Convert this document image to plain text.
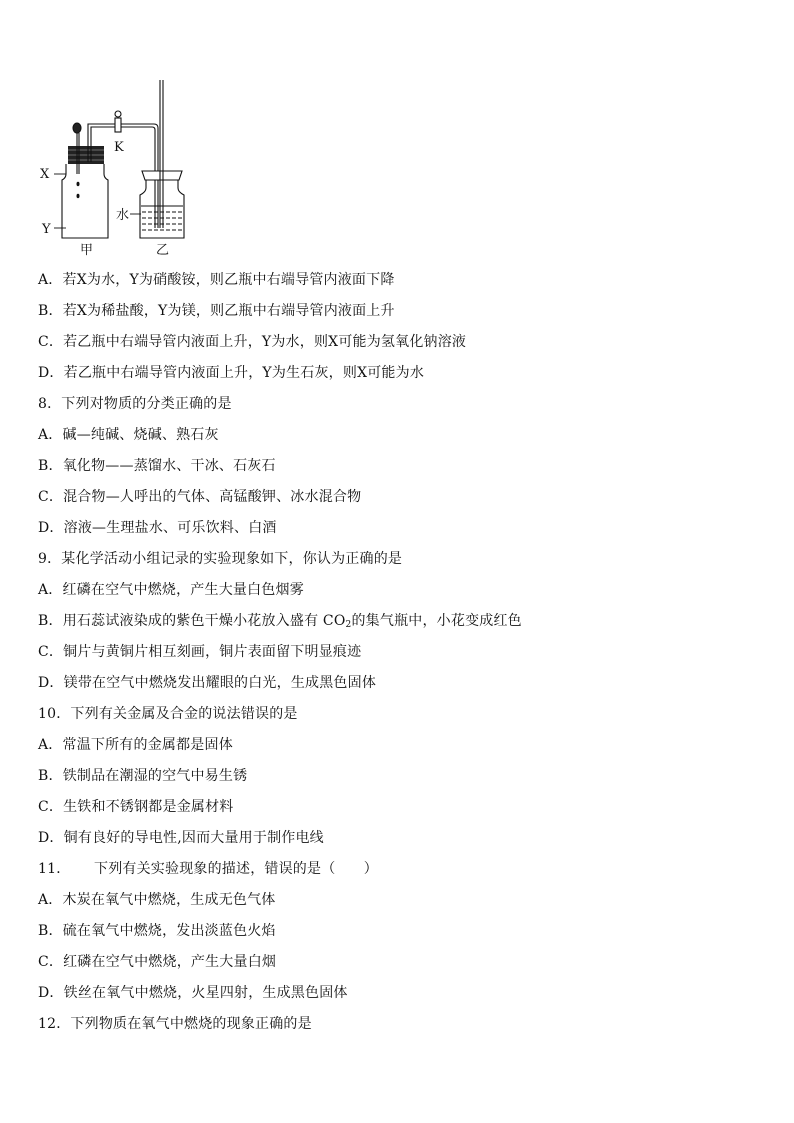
X
Y
K
水
甲	乙
A．若X为水，Y为硝酸铵，则乙瓶中右端导管内液面下降
B．若X为稀盐酸，Y为镁，则乙瓶中右端导管内液面上升
C．若乙瓶中右端导管内液面上升，Y为水，则X可能为氢氧化钠溶液
D．若乙瓶中右端导管内液面上升，Y为生石灰，则X可能为水
8．下列对物质的分类正确的是
A．碱—纯碱、烧碱、熟石灰
B．氧化物——蒸馏水、干冰、石灰石
C．混合物—人呼出的气体、高锰酸钾、冰水混合物
D．溶液—生理盐水、可乐饮料、白酒
9．某化学活动小组记录的实验现象如下，你认为正确的是
A．红磷在空气中燃烧，产生大量白色烟雾
B．用石蕊试液染成的紫色干燥小花放入盛有 $CO_2$的集气瓶中，小花变成红色
C．铜片与黄铜片相互刻画，铜片表面留下明显痕迹
D．镁带在空气中燃烧发出耀眼的白光，生成黑色固体
10．下列有关金属及合金的说法错误的是
A．常温下所有的金属都是固体
B．铁制品在潮湿的空气中易生锈
C．生铁和不锈钢都是金属材料
D．铜有良好的导电性,因而大量用于制作电线
11． 下列有关实验现象的描述，错误的是（　　）
A．木炭在氧气中燃烧，生成无色气体
B．硫在氧气中燃烧，发出淡蓝色火焰
C．红磷在空气中燃烧，产生大量白烟
D．铁丝在氧气中燃烧，火星四射，生成黑色固体
12．下列物质在氧气中燃烧的现象正确的是
